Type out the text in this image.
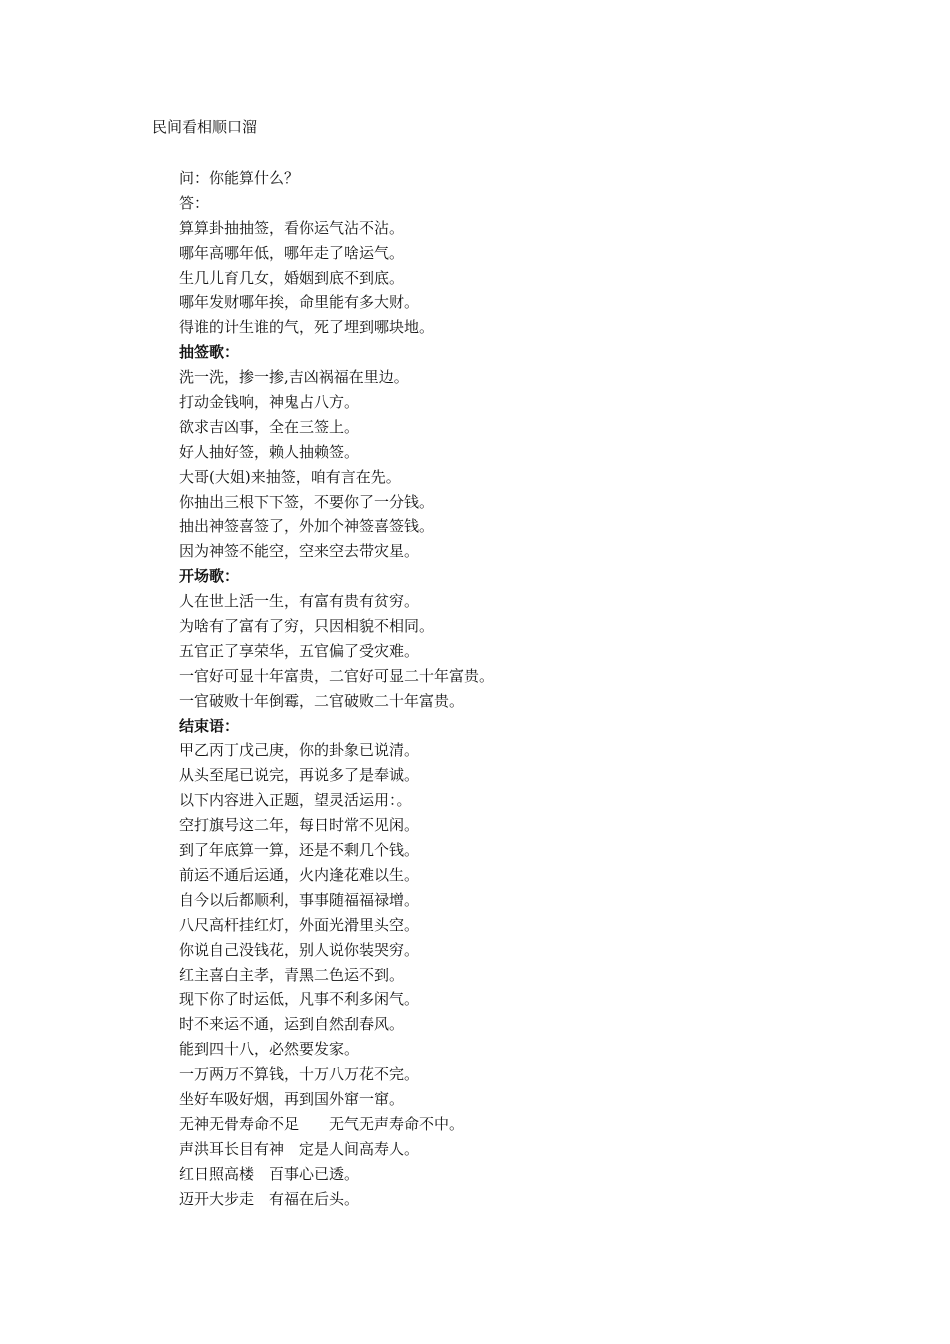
民间看相顺口溜
问：你能算什么？
答：
算算卦抽抽签，看你运气沾不沾。
哪年高哪年低，哪年走了啥运气。
生几儿育几女，婚姻到底不到底。
哪年发财哪年挨，命里能有多大财。
得谁的计生谁的气，死了埋到哪块地。
抽签歌：
洗一洗，掺一掺,吉凶祸福在里边。
打动金钱响，神鬼占八方。
欲求吉凶事，全在三签上。
好人抽好签，赖人抽赖签。
大哥(大姐)来抽签，咱有言在先。
你抽出三根下下签，不要你了一分钱。
抽出神签喜签了，外加个神签喜签钱。
因为神签不能空，空来空去带灾星。
开场歌：
人在世上活一生，有富有贵有贫穷。
为啥有了富有了穷，只因相貌不相同。
五官正了享荣华，五官偏了受灾难。
一官好可显十年富贵，二官好可显二十年富贵。
一官破败十年倒霉，二官破败二十年富贵。
结束语：
甲乙丙丁戊己庚，你的卦象已说清。
从头至尾已说完，再说多了是奉诚。
以下内容进入正题，望灵活运用：。
空打旗号这二年，每日时常不见闲。
到了年底算一算，还是不剩几个钱。
前运不通后运通，火内逢花难以生。
自今以后都顺利，事事随福福禄增。
八尺高杆挂红灯，外面光滑里头空。
你说自己没钱花，别人说你装哭穷。
红主喜白主孝，青黑二色运不到。
现下你了时运低，凡事不利多闲气。
时不来运不通，运到自然刮春风。
能到四十八，必然要发家。
一万两万不算钱，十万八万花不完。
坐好车吸好烟，再到国外窜一窜。
无神无骨寿命不足　　无气无声寿命不中。
声洪耳长目有神　定是人间高寿人。
红日照高楼　百事心已透。
迈开大步走　有福在后头。
